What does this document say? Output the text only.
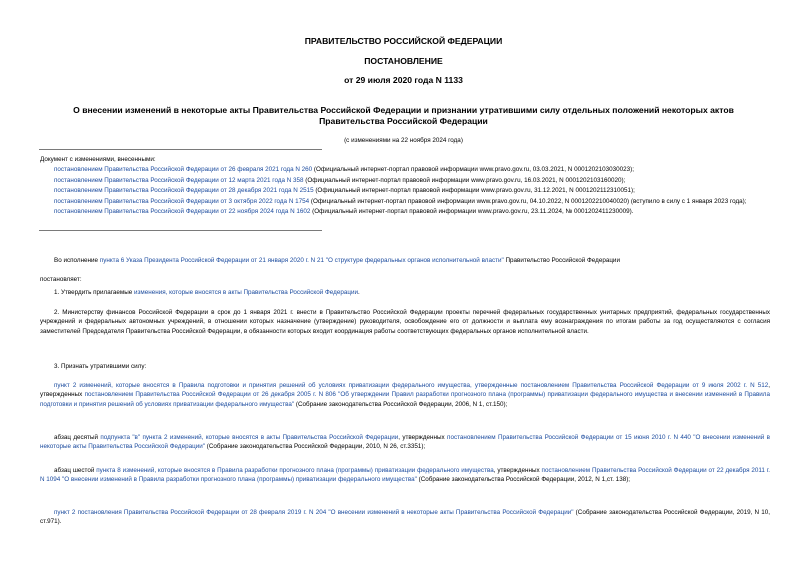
ПРАВИТЕЛЬСТВО РОССИЙСКОЙ ФЕДЕРАЦИИ
ПОСТАНОВЛЕНИЕ
от 29 июля 2020 года N 1133
О внесении изменений в некоторые акты Правительства Российской Федерации и признании утратившими силу отдельных положений некоторых актов Правительства Российской Федерации
(с изменениями на 22 ноября 2024 года)
Документ с изменениями, внесенными:
постановлением Правительства Российской Федерации от 26 февраля 2021 года N 260 (Официальный интернет-портал правовой информации www.pravo.gov.ru, 03.03.2021, N 0001202103030023);
постановлением Правительства Российской Федерации от 12 марта 2021 года N 358 (Официальный интернет-портал правовой информации www.pravo.gov.ru, 16.03.2021, N 0001202103160020);
постановлением Правительства Российской Федерации от 28 декабря 2021 года N 2515 (Официальный интернет-портал правовой информации www.pravo.gov.ru, 31.12.2021, N 0001202112310051);
постановлением Правительства Российской Федерации от 3 октября 2022 года N 1754 (Официальный интернет-портал правовой информации www.pravo.gov.ru, 04.10.2022, N 0001202210040020) (вступило в силу с 1 января 2023 года);
постановлением Правительства Российской Федерации от 22 ноября 2024 года N 1602 (Официальный интернет-портал правовой информации www.pravo.gov.ru, 23.11.2024, № 0001202411230009).

Во исполнение пункта 6 Указа Президента Российской Федерации от 21 января 2020 г. N 21 "О структуре федеральных органов исполнительной власти" Правительство Российской Федерации

постановляет:

1. Утвердить прилагаемые изменения, которые вносятся в акты Правительства Российской Федерации.

2. Министерству финансов Российской Федерации в срок до 1 января 2021 г. внести в Правительство Российской Федерации проекты перечней федеральных государственных унитарных предприятий, федеральных государственных учреждений и федеральных автономных учреждений, в отношении которых назначение (утверждение) руководителя, освобождение его от должности и выплата ему вознаграждения по итогам работы за год осуществляются с согласия заместителей Председателя Правительства Российской Федерации, в обязанности которых входит координация работы соответствующих федеральных органов исполнительной власти.

3. Признать утратившими силу:

пункт 2 изменений, которые вносятся в Правила подготовки и принятия решений об условиях приватизации федерального имущества, утвержденные постановлением Правительства Российской Федерации от 9 июля 2002 г. N 512, утвержденных постановлением Правительства Российской Федерации от 26 декабря 2005 г. N 806 "Об утверждении Правил разработки прогнозного плана (программы) приватизации федерального имущества и внесении изменений в Правила подготовки и принятия решений об условиях приватизации федерального имущества" (Собрание законодательства Российской Федерации, 2006, N 1, ст.150);

абзац десятый подпункта "в" пункта 2 изменений, которые вносятся в акты Правительства Российской Федерации, утвержденных постановлением Правительства Российской Федерации от 15 июня 2010 г. N 440 "О внесении изменений в некоторые акты Правительства Российской Федерации" (Собрание законодательства Российской Федерации, 2010, N 26, ст.3351);

абзац шестой пункта 8 изменений, которые вносятся в Правила разработки прогнозного плана (программы) приватизации федерального имущества, утвержденных постановлением Правительства Российской Федерации от 22 декабря 2011 г. N 1094 "О внесении изменений в Правила разработки прогнозного плана (программы) приватизации федерального имущества" (Собрание законодательства Российской Федерации, 2012, N 1,ст. 138);

пункт 2 постановления Правительства Российской Федерации от 28 февраля 2019 г. N 204 "О внесении изменений в некоторые акты Правительства Российской Федерации" (Собрание законодательства Российской Федерации, 2019, N 10, ст.971).
